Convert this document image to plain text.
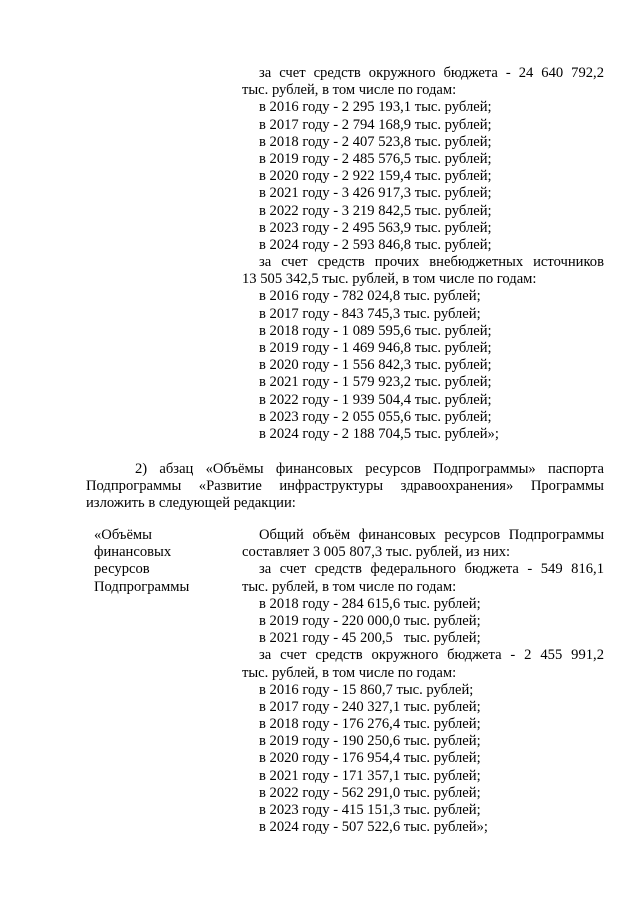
за счет средств окружного бюджета - 24 640 792,2
тыс. рублей, в том числе по годам:
в 2016 году - 2 295 193,1 тыс. рублей;
в 2017 году - 2 794 168,9 тыс. рублей;
в 2018 году - 2 407 523,8 тыс. рублей;
в 2019 году - 2 485 576,5 тыс. рублей;
в 2020 году - 2 922 159,4 тыс. рублей;
в 2021 году - 3 426 917,3 тыс. рублей;
в 2022 году - 3 219 842,5 тыс. рублей;
в 2023 году - 2 495 563,9 тыс. рублей;
в 2024 году - 2 593 846,8 тыс. рублей;
за счет средств прочих внебюджетных источников
13 505 342,5 тыс. рублей, в том числе по годам:
в 2016 году - 782 024,8 тыс. рублей;
в 2017 году - 843 745,3 тыс. рублей;
в 2018 году - 1 089 595,6 тыс. рублей;
в 2019 году - 1 469 946,8 тыс. рублей;
в 2020 году - 1 556 842,3 тыс. рублей;
в 2021 году - 1 579 923,2 тыс. рублей;
в 2022 году - 1 939 504,4 тыс. рублей;
в 2023 году - 2 055 055,6 тыс. рублей;
в 2024 году - 2 188 704,5 тыс. рублей»;
2) абзац «Объёмы финансовых ресурсов Подпрограммы» паспорта
Подпрограммы «Развитие инфраструктуры здравоохранения» Программы
изложить в следующей редакции:
«Объёмы
финансовых
ресурсов
Подпрограммы
Общий объём финансовых ресурсов Подпрограммы
составляет 3 005 807,3 тыс. рублей, из них:
за счет средств федерального бюджета - 549 816,1
тыс. рублей, в том числе по годам:
в 2018 году - 284 615,6 тыс. рублей;
в 2019 году - 220 000,0 тыс. рублей;
в 2021 году - 45 200,5   тыс. рублей;
за счет средств окружного бюджета - 2 455 991,2
тыс. рублей, в том числе по годам:
в 2016 году - 15 860,7 тыс. рублей;
в 2017 году - 240 327,1 тыс. рублей;
в 2018 году - 176 276,4 тыс. рублей;
в 2019 году - 190 250,6 тыс. рублей;
в 2020 году - 176 954,4 тыс. рублей;
в 2021 году - 171 357,1 тыс. рублей;
в 2022 году - 562 291,0 тыс. рублей;
в 2023 году - 415 151,3 тыс. рублей;
в 2024 году - 507 522,6 тыс. рублей»;
